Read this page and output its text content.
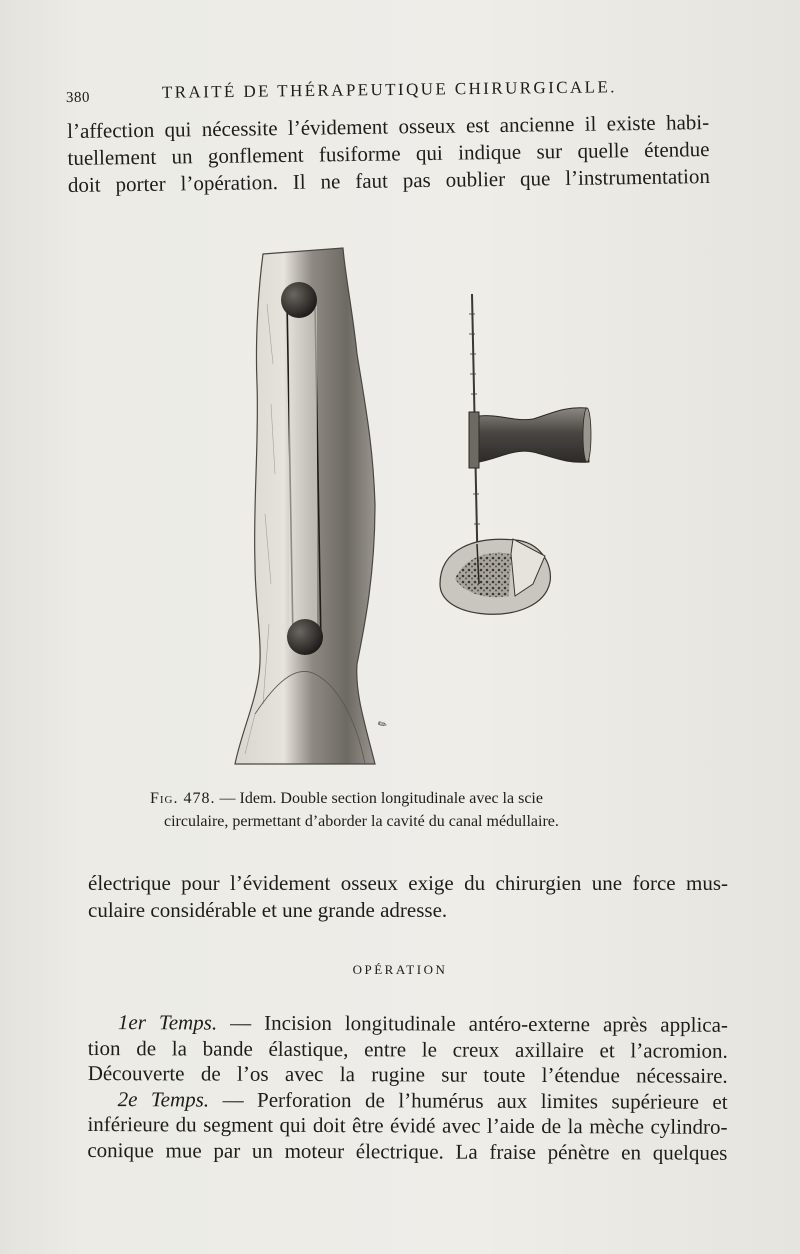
380	TRAITÉ DE THÉRAPEUTIQUE CHIRURGICALE.
l’affection qui nécessite l’évidement osseux est ancienne il existe habi-
tuellement un gonflement fusiforme qui indique sur quelle étendue
doit porter l’opération. Il ne faut pas oublier que l’instrumentation
✎
Fig. 478. — Idem. Double section longitudinale avec la scie
circulaire, permettant d’aborder la cavité du canal médullaire.
électrique pour l’évidement osseux exige du chirurgien une force mus-
culaire considérable et une grande adresse.
OPÉRATION
1er Temps. — Incision longitudinale antéro-externe après applica-
tion de la bande élastique, entre le creux axillaire et l’acromion.
Découverte de l’os avec la rugine sur toute l’étendue nécessaire.
2e Temps. — Perforation de l’humérus aux limites supérieure et
inférieure du segment qui doit être évidé avec l’aide de la mèche cylindro-
conique mue par un moteur électrique. La fraise pénètre en quelques
